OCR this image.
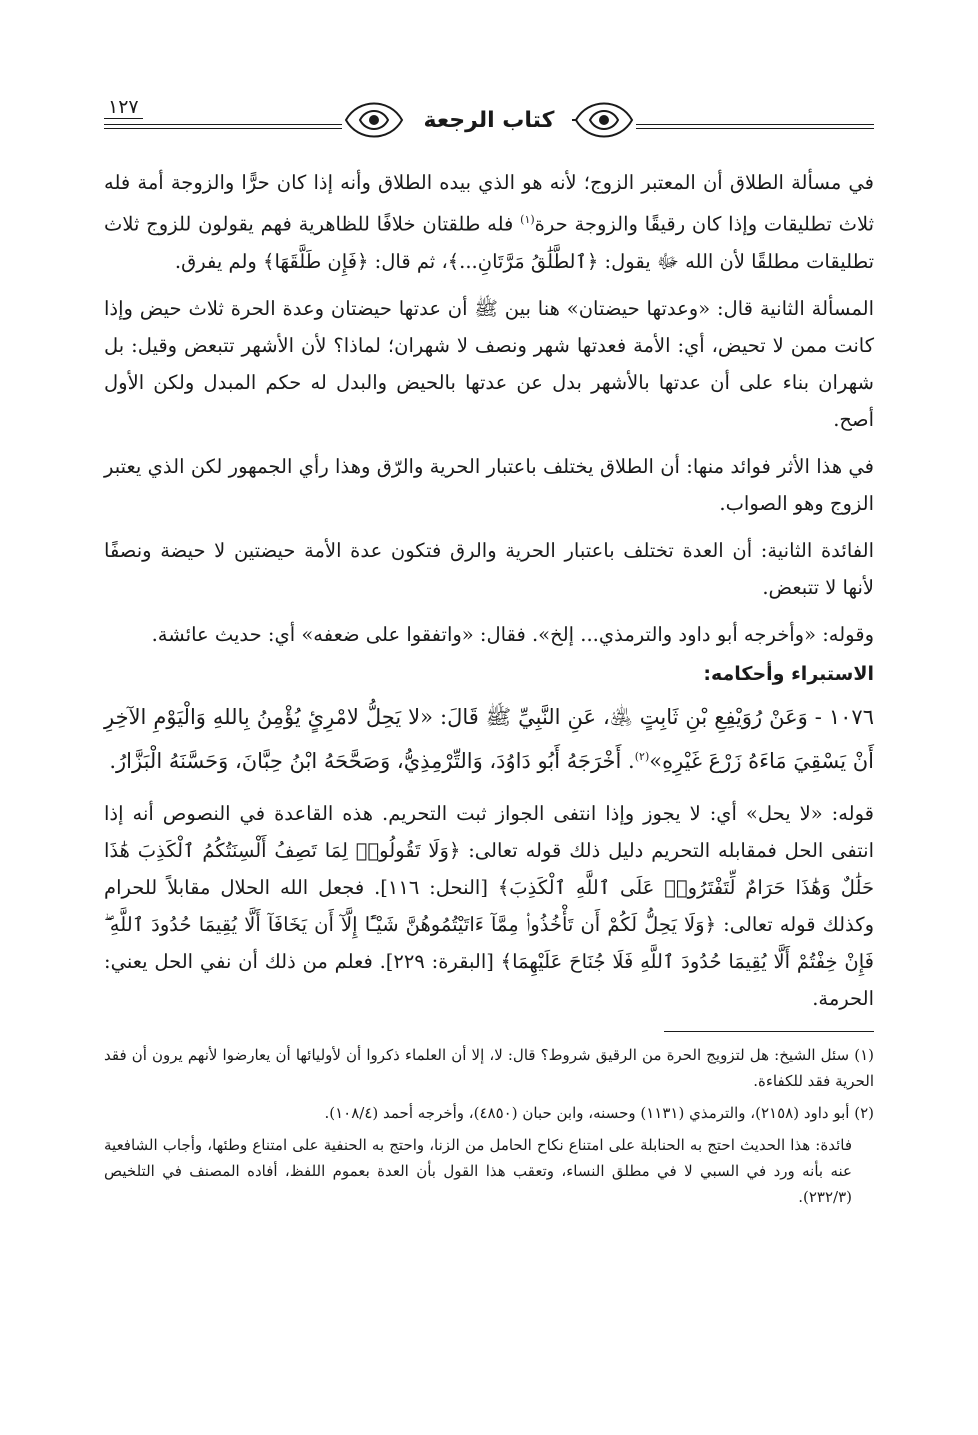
كتاب الرجعة
١٢٧

في مسألة الطلاق أن المعتبر الزوج؛ لأنه هو الذي بيده الطلاق وأنه إذا كان حرًّا والزوجة أمة فله ثلاث تطليقات وإذا كان رقيقًا والزوجة حرة$^{(١)}$ فله طلقتان خلافًا للظاهرية فهم يقولون للزوج ثلاث تطليقات مطلقًا لأن الله ﷻ يقول: ﴿ٱلطَّلَٰقُ مَرَّتَانِ...﴾، ثم قال: ﴿فَإِن طَلَّقَهَا﴾ ولم يفرق.

المسألة الثانية قال: «وعدتها حيضتان» هنا بين ﷺ أن عدتها حيضتان وعدة الحرة ثلاث حيض وإذا كانت ممن لا تحيض، أي: الأمة فعدتها شهر ونصف لا شهران؛ لماذا؟ لأن الأشهر تتبعض وقيل: بل شهران بناء على أن عدتها بالأشهر بدل عن عدتها بالحيض والبدل له حكم المبدل ولكن الأول أصح.

في هذا الأثر فوائد منها: أن الطلاق يختلف باعتبار الحرية والرّق وهذا رأي الجمهور لكن الذي يعتبر الزوج وهو الصواب.

الفائدة الثانية: أن العدة تختلف باعتبار الحرية والرق فتكون عدة الأمة حيضتين لا حيضة ونصفًا لأنها لا تتبعض.

وقوله: «وأخرجه أبو داود والترمذي... إلخ». فقال: «واتفقوا على ضعفه» أي: حديث عائشة.

الاستبراء وأحكامه:

١٠٧٦ - وَعَنْ رُوَيْفِعِ بْنِ ثَابِتٍ ﵁، عَنِ النَّبِيِّ ﷺ قَالَ: «لا يَحِلُّ لامْرِئٍ يُؤْمِنُ بِاللهِ وَالْيَوْمِ الآخِرِ أَنْ يَسْقِيَ مَاءَهُ زَرْعَ غَيْرِهِ»$^{(٢)}$. أَخْرَجَهُ أَبُو دَاوُدَ، وَالتِّرْمِذِيُّ، وَصَحَّحَهُ ابْنُ حِبَّانَ، وَحَسَّنَهُ الْبَزَّارُ.

قوله: «لا يحل» أي: لا يجوز وإذا انتفى الجواز ثبت التحريم. هذه القاعدة في النصوص أنه إذا انتفى الحل فمقابله التحريم دليل ذلك قوله تعالى: ﴿وَلَا تَقُولُوا۟ لِمَا تَصِفُ أَلْسِنَتُكُمُ ٱلْكَذِبَ هَٰذَا حَلَٰلٌ وَهَٰذَا حَرَامٌ لِّتَفْتَرُوا۟ عَلَى ٱللَّهِ ٱلْكَذِبَ﴾ [النحل: ١١٦]. فجعل الله الحلال مقابلاً للحرام وكذلك قوله تعالى: ﴿وَلَا يَحِلُّ لَكُمْ أَن تَأْخُذُوا۟ مِمَّآ ءَاتَيْتُمُوهُنَّ شَيْـًٔا إِلَّآ أَن يَخَافَآ أَلَّا يُقِيمَا حُدُودَ ٱللَّهِ ۖ فَإِنْ خِفْتُمْ أَلَّا يُقِيمَا حُدُودَ ٱللَّهِ فَلَا جُنَاحَ عَلَيْهِمَا﴾ [البقرة: ٢٢٩]. فعلم من ذلك أن نفي الحل يعني: الحرمة.

(١) سئل الشيخ: هل لتزويج الحرة من الرقيق شروط؟ قال: لا، إلا أن العلماء ذكروا أن لأوليائها أن يعارضوا لأنهم يرون أن فقد الحرية فقد للكفاءة.

(٢) أبو داود (٢١٥٨)، والترمذي (١١٣١) وحسنه، وابن حبان (٤٨٥٠)، وأخرجه أحمد (١٠٨/٤).

فائدة: هذا الحديث احتج به الحنابلة على امتناع نكاح الحامل من الزنا، واحتج به الحنفية على امتناع وطئها، وأجاب الشافعية عنه بأنه ورد في السبي لا في مطلق النساء، وتعقب هذا القول بأن العدة بعموم اللفظ، أفاده المصنف في التلخيص (٢٣٢/٣).
